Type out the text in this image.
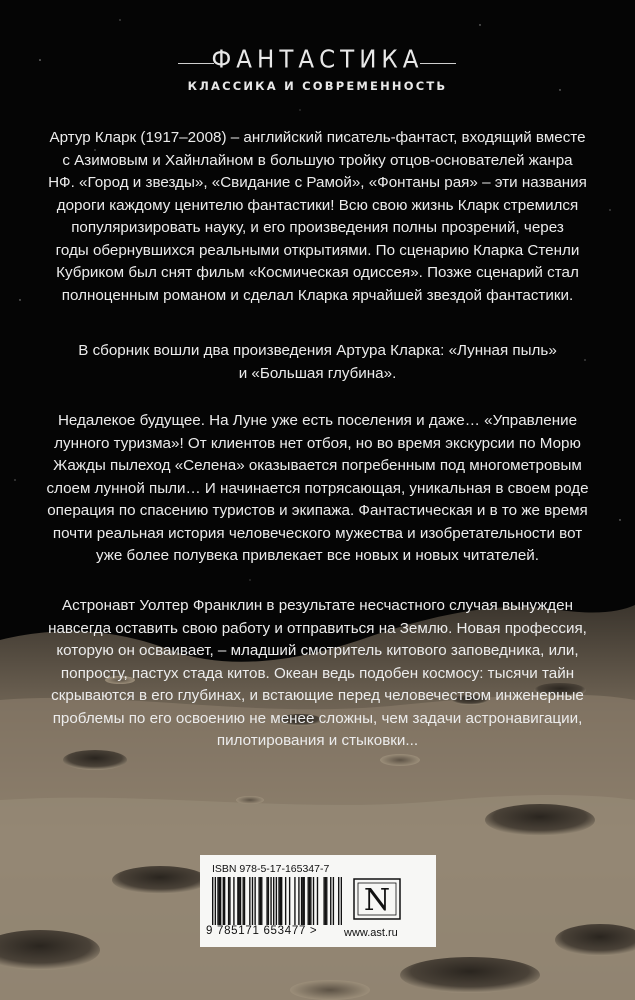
ФАНТАСТИКА
КЛАССИКА И СОВРЕМЕННОСТЬ
Артур Кларк (1917–2008) – английский писатель-фантаст, входящий вместе
с Азимовым и Хайнлайном в большую тройку отцов-основателей жанра
НФ. «Город и звезды», «Свидание с Рамой», «Фонтаны рая» – эти названия
дороги каждому ценителю фантастики! Всю свою жизнь Кларк стремился
популяризировать науку, и его произведения полны прозрений, через
годы обернувшихся реальными открытиями. По сценарию Кларка Стенли
Кубриком был снят фильм «Космическая одиссея». Позже сценарий стал
полноценным романом и сделал Кларка ярчайшей звездой фантастики.
В сборник вошли два произведения Артура Кларка: «Лунная пыль»
и «Большая глубина».
Недалекое будущее. На Луне уже есть поселения и даже… «Управление
лунного туризма»! От клиентов нет отбоя, но во время экскурсии по Морю
Жажды пылеход «Селена» оказывается погребенным под многометровым
слоем лунной пыли… И начинается потрясающая, уникальная в своем роде
операция по спасению туристов и экипажа. Фантастическая и в то же время
почти реальная история человеческого мужества и изобретательности вот
уже более полувека привлекает все новых и новых читателей.
Астронавт Уолтер Франклин в результате несчастного случая вынужден
навсегда оставить свою работу и отправиться на Землю. Новая профессия,
которую он осваивает, – младший смотритель китового заповедника, или,
попросту, пастух стада китов. Океан ведь подобен космосу: тысячи тайн
скрываются в его глубинах, и встающие перед человечеством инженерные
проблемы по его освоению не менее сложны, чем задачи астронавигации,
пилотирования и стыковки...
ISBN 978-5-17-165347-7
9 785171 653477 >
N
www.ast.ru
